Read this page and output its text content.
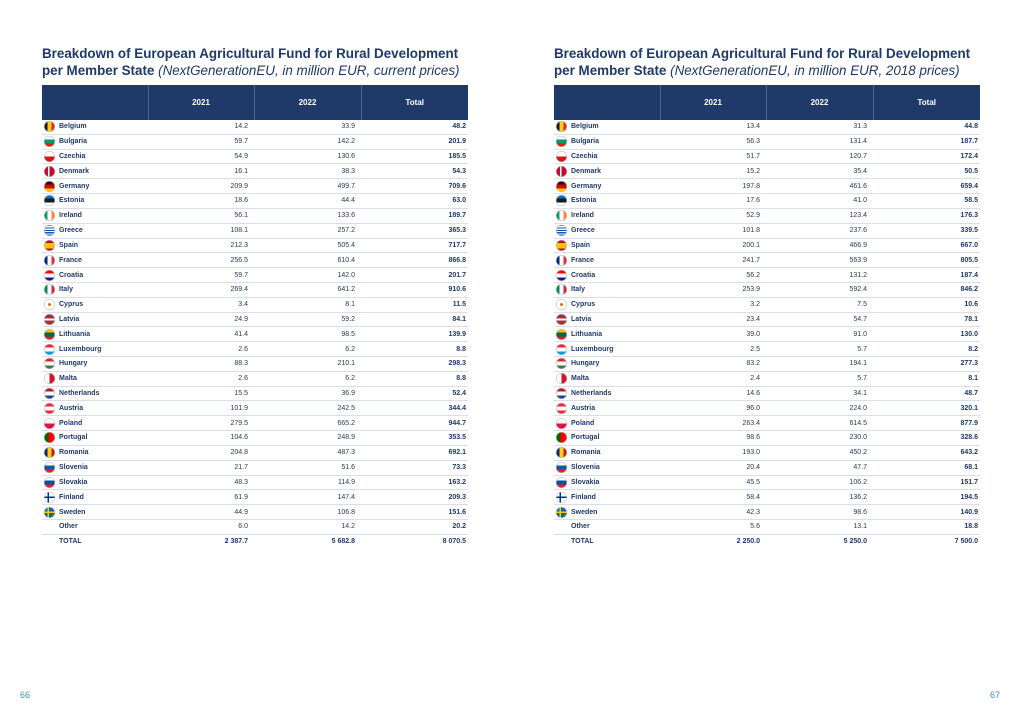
Breakdown of European Agricultural Fund for Rural Development per Member State (NextGenerationEU, in million EUR, current prices)
	2021	2022	Total
Belgium	14.2	33.9	48.2
Bulgaria	59.7	142.2	201.9
Czechia	54.9	130.6	185.5
Denmark	16.1	38.3	54.3
Germany	209.9	499.7	709.6
Estonia	18.6	44.4	63.0
Ireland	56.1	133.6	189.7
Greece	108.1	257.2	365.3
Spain	212.3	505.4	717.7
France	256.5	610.4	866.8
Croatia	59.7	142.0	201.7
Italy	269.4	641.2	910.6
Cyprus	3.4	8.1	11.5
Latvia	24.9	59.2	84.1
Lithuania	41.4	98.5	139.9
Luxembourg	2.6	6.2	8.8
Hungary	88.3	210.1	298.3
Malta	2.6	6.2	8.8
Netherlands	15.5	36.9	52.4
Austria	101.9	242.5	344.4
Poland	279.5	665.2	944.7
Portugal	104.6	248.9	353.5
Romania	204.8	487.3	692.1
Slovenia	21.7	51.6	73.3
Slovakia	48.3	114.9	163.2
Finland	61.9	147.4	209.3
Sweden	44.9	106.8	151.6
Other	6.0	14.2	20.2
TOTAL	2 387.7	5 682.8	8 070.5
Breakdown of European Agricultural Fund for Rural Development per Member State (NextGenerationEU, in million EUR, 2018 prices)
	2021	2022	Total
Belgium	13.4	31.3	44.8
Bulgaria	56.3	131.4	187.7
Czechia	51.7	120.7	172.4
Denmark	15.2	35.4	50.5
Germany	197.8	461.6	659.4
Estonia	17.6	41.0	58.5
Ireland	52.9	123.4	176.3
Greece	101.8	237.6	339.5
Spain	200.1	466.9	667.0
France	241.7	563.9	805.5
Croatia	56.2	131.2	187.4
Italy	253.9	592.4	846.2
Cyprus	3.2	7.5	10.6
Latvia	23.4	54.7	78.1
Lithuania	39.0	91.0	130.0
Luxembourg	2.5	5.7	8.2
Hungary	83.2	194.1	277.3
Malta	2.4	5.7	8.1
Netherlands	14.6	34.1	48.7
Austria	96.0	224.0	320.1
Poland	263.4	614.5	877.9
Portugal	98.6	230.0	328.6
Romania	193.0	450.2	643.2
Slovenia	20.4	47.7	68.1
Slovakia	45.5	106.2	151.7
Finland	58.4	136.2	194.5
Sweden	42.3	98.6	140.9
Other	5.6	13.1	18.8
TOTAL	2 250.0	5 250.0	7 500.0
66	67
